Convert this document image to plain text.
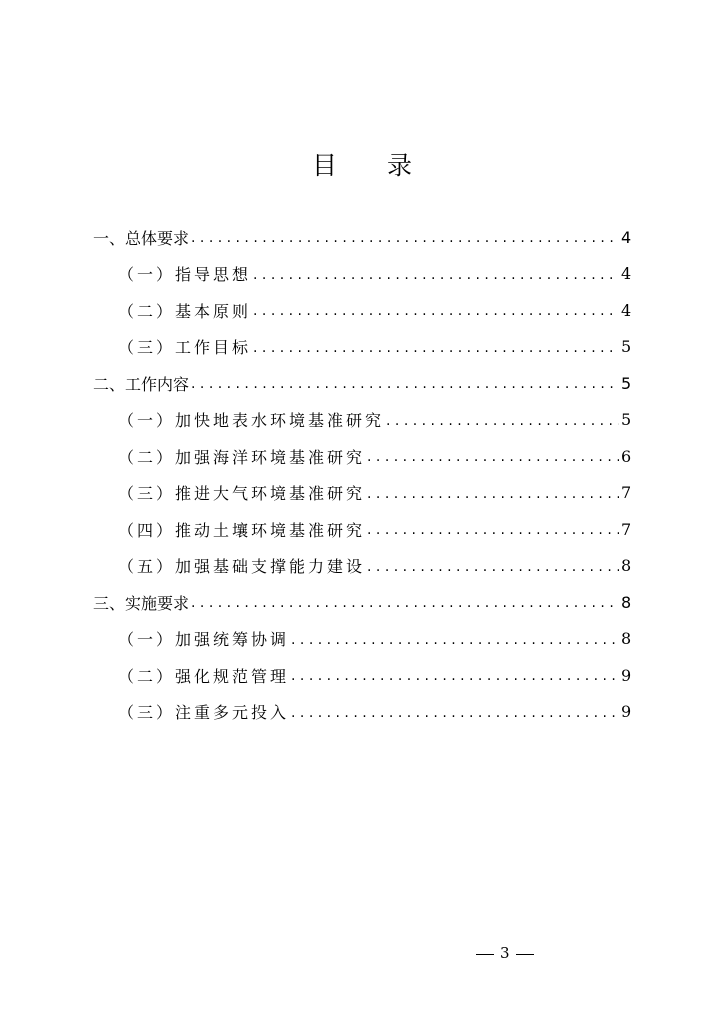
目 录
一、总体要求 . . .	4
（一）指导思想 . . .	4
（二）基本原则 . . .	4
（三）工作目标 . . .	5
二、工作内容 . . .	5
（一）加快地表水环境基准研究 . . .	5
（二）加强海洋环境基准研究 . . .	6
（三）推进大气环境基准研究 . . .	7
（四）推动土壤环境基准研究 . . .	7
（五）加强基础支撑能力建设 . . .	8
三、实施要求 . . .	8
（一）加强统筹协调 . . .	8
（二）强化规范管理 . . .	9
（三）注重多元投入 . . .	9
3
